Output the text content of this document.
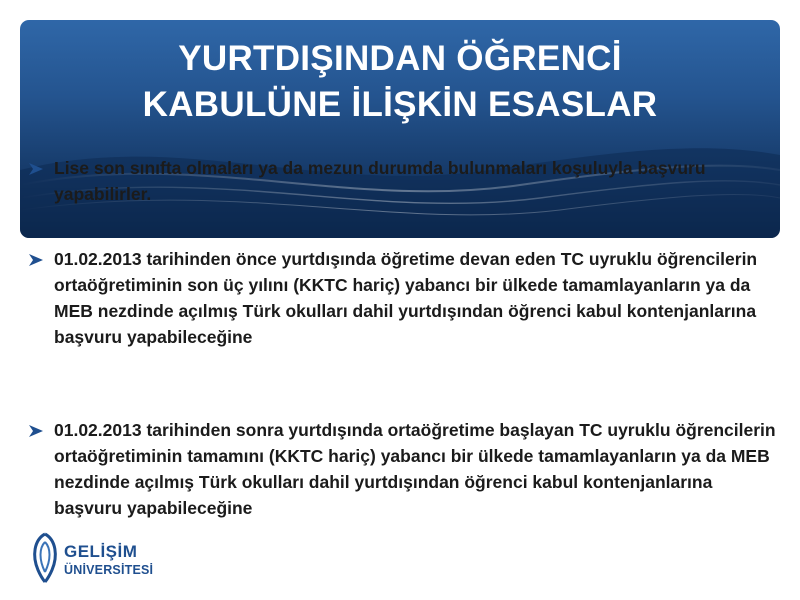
YURTDIŞINDAN ÖĞRENCİ
KABULÜNE İLİŞKİN ESASLAR
Lise son sınıfta olmaları ya da mezun durumda bulunmaları koşuluyla başvuru yapabilirler.
01.02.2013 tarihinden önce yurtdışında öğretime devan eden TC uyruklu öğrencilerin ortaöğretiminin son üç yılını (KKTC hariç) yabancı bir ülkede tamamlayanların ya da MEB nezdinde açılmış Türk okulları dahil yurtdışından öğrenci kabul kontenjanlarına başvuru yapabileceğine
01.02.2013 tarihinden sonra yurtdışında ortaöğretime başlayan TC uyruklu öğrencilerin ortaöğretiminin tamamını (KKTC hariç) yabancı bir ülkede tamamlayanların ya da MEB nezdinde açılmış Türk okulları dahil yurtdışından öğrenci kabul kontenjanlarına başvuru yapabileceğine
GELİŞİM
ÜNİVERSİTESİ
